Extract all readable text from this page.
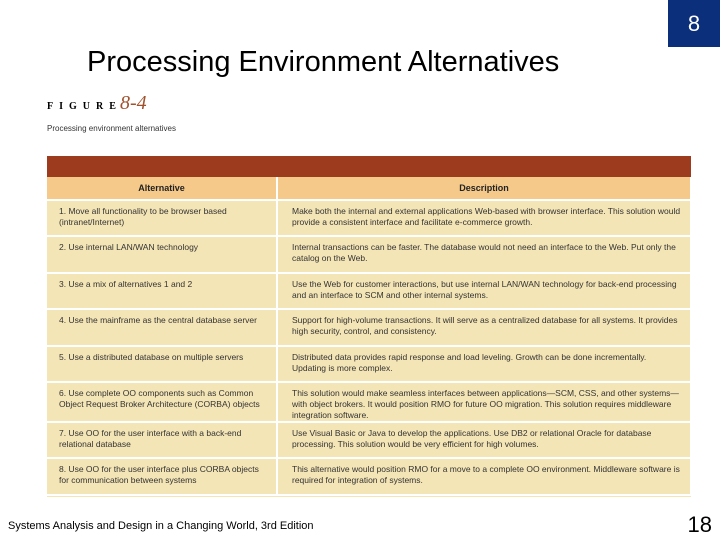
8
Processing Environment Alternatives
FIGURE
8-4
Processing environment alternatives
Alternative	Description
1. Move all functionality to be browser based (intranet/Internet)	Make both the internal and external applications Web-based with browser interface. This solution would provide a consistent interface and facilitate e-commerce growth.
2. Use internal LAN/WAN technology	Internal transactions can be faster. The database would not need an interface to the Web. Put only the catalog on the Web.
3. Use a mix of alternatives 1 and 2	Use the Web for customer interactions, but use internal LAN/WAN technology for back-end processing and an interface to SCM and other internal systems.
4. Use the mainframe as the central database server	Support for high-volume transactions. It will serve as a centralized database for all systems. It provides high security, control, and consistency.
5. Use a distributed database on multiple servers	Distributed data provides rapid response and load leveling. Growth can be done incrementally. Updating is more complex.
6. Use complete OO components such as Common Object Request Broker Architecture (CORBA) objects	This solution would make seamless interfaces between applications—SCM, CSS, and other systems—with object brokers. It would position RMO for future OO migration. This solution requires middleware integration software.
7. Use OO for the user interface with a back-end relational database	Use Visual Basic or Java to develop the applications. Use DB2 or relational Oracle for database processing. This solution would be very efficient for high volumes.
8. Use OO for the user interface plus CORBA objects for communication between systems	This alternative would position RMO for a move to a complete OO environment. Middleware software is required for integration of systems.
Systems Analysis and Design in a Changing World, 3rd Edition	18
